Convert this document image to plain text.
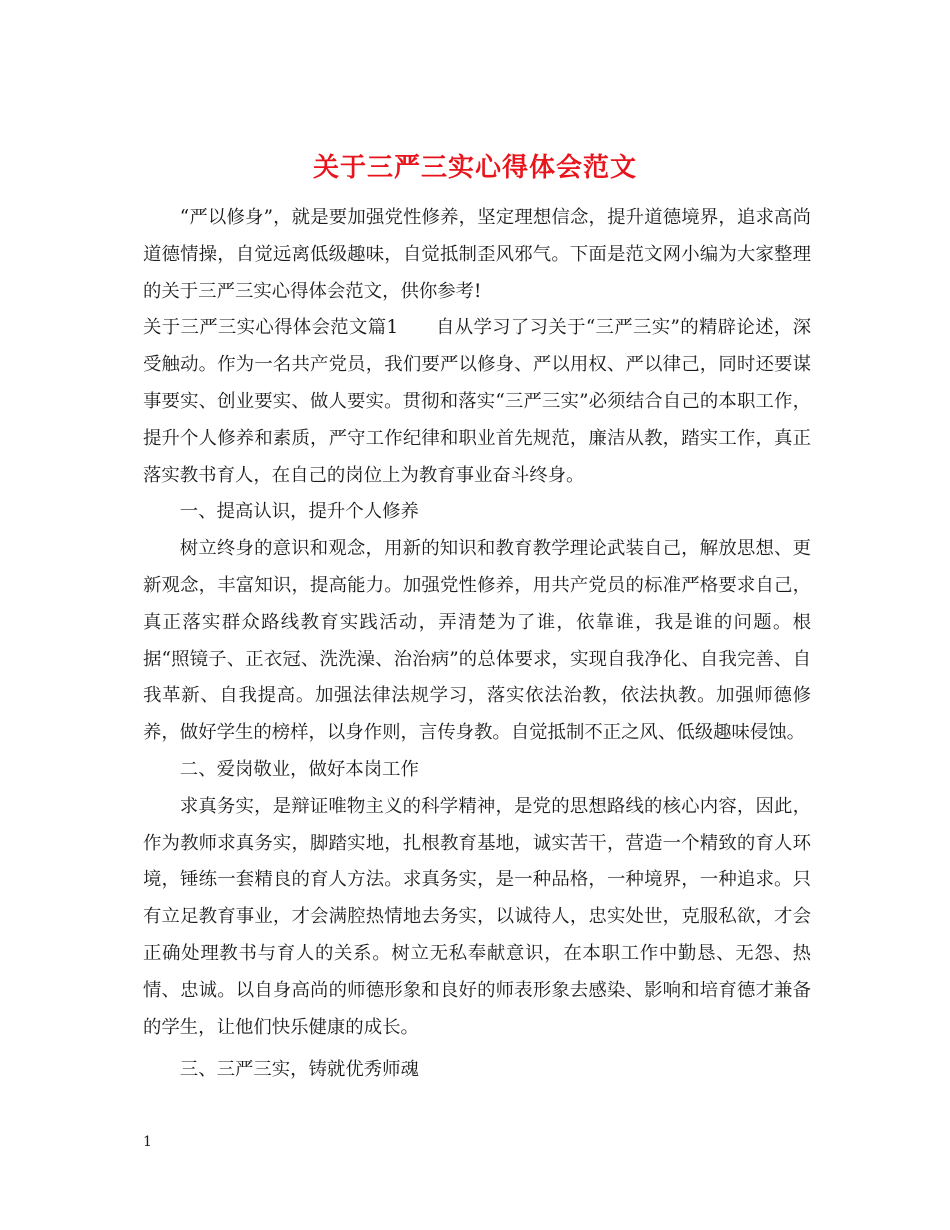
关于三严三实心得体会范文

“严以修身”，就是要加强党性修养，坚定理想信念，提升道德境界，追求高尚道德情操，自觉远离低级趣味，自觉抵制歪风邪气。下面是范文网小编为大家整理的关于三严三实心得体会范文，供你参考!

关于三严三实心得体会范文篇1　　自从学习了习关于“三严三实”的精辟论述，深受触动。作为一名共产党员，我们要严以修身、严以用权、严以律己，同时还要谋事要实、创业要实、做人要实。贯彻和落实“三严三实”必须结合自己的本职工作，提升个人修养和素质，严守工作纪律和职业首先规范，廉洁从教，踏实工作，真正落实教书育人，在自己的岗位上为教育事业奋斗终身。

一、提高认识，提升个人修养

树立终身的意识和观念，用新的知识和教育教学理论武装自己，解放思想、更新观念，丰富知识，提高能力。加强党性修养，用共产党员的标准严格要求自己，真正落实群众路线教育实践活动，弄清楚为了谁，依靠谁，我是谁的问题。根据“照镜子、正衣冠、洗洗澡、治治病”的总体要求，实现自我净化、自我完善、自我革新、自我提高。加强法律法规学习，落实依法治教，依法执教。加强师德修养，做好学生的榜样，以身作则，言传身教。自觉抵制不正之风、低级趣味侵蚀。

二、爱岗敬业，做好本岗工作

求真务实，是辩证唯物主义的科学精神，是党的思想路线的核心内容，因此，作为教师求真务实，脚踏实地，扎根教育基地，诚实苦干，营造一个精致的育人环境，锤练一套精良的育人方法。求真务实，是一种品格，一种境界，一种追求。只有立足教育事业，才会满腔热情地去务实，以诚待人，忠实处世，克服私欲，才会正确处理教书与育人的关系。树立无私奉献意识，在本职工作中勤恳、无怨、热情、忠诚。以自身高尚的师德形象和良好的师表形象去感染、影响和培育德才兼备的学生，让他们快乐健康的成长。

三、三严三实，铸就优秀师魂

1
